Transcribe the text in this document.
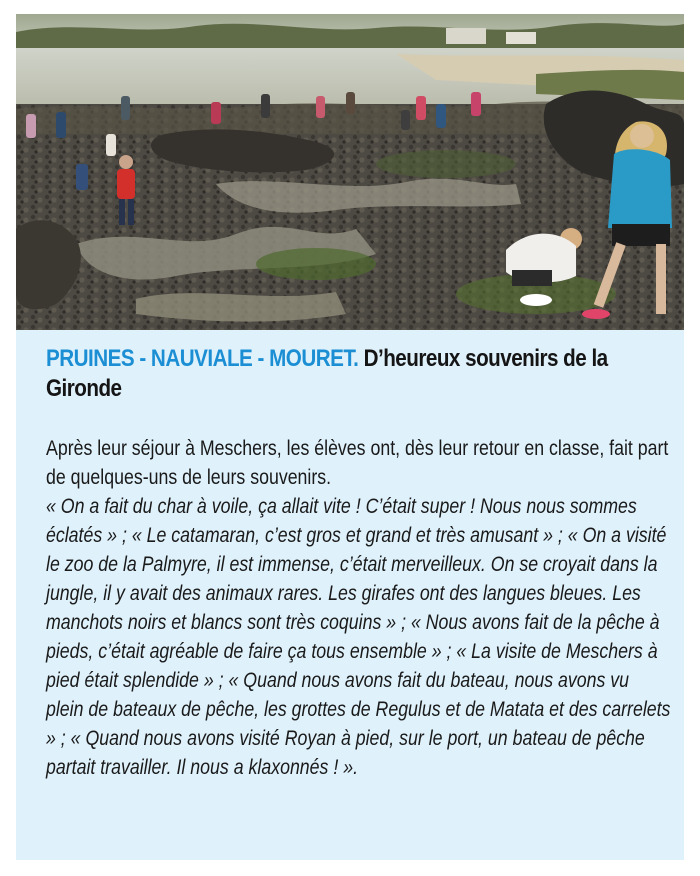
PRUINES - NAUVIALE - MOURET. D’heureux souvenirs de la Gironde

Après leur séjour à Meschers, les élèves ont, dès leur retour en classe, fait part de quelques-uns de leurs souvenirs.

« On a fait du char à voile, ça allait vite ! C’était super ! Nous nous sommes éclatés » ; « Le catamaran, c’est gros et grand et très amusant » ; « On a visité le zoo de la Palmyre, il est immense, c’était merveilleux. On se croyait dans la jungle, il y avait des animaux rares. Les girafes ont des langues bleues. Les manchots noirs et blancs sont très coquins » ; « Nous avons fait de la pêche à pieds, c’était agréable de faire ça tous ensemble » ; « La visite de Meschers à pied était splendide » ; « Quand nous avons fait du bateau, nous avons vu plein de bateaux de pêche, les grottes de Regulus et de Matata et des carrelets » ; « Quand nous avons visité Royan à pied, sur le port, un bateau de pêche partait travailler. Il nous a klaxonnés ! ».
